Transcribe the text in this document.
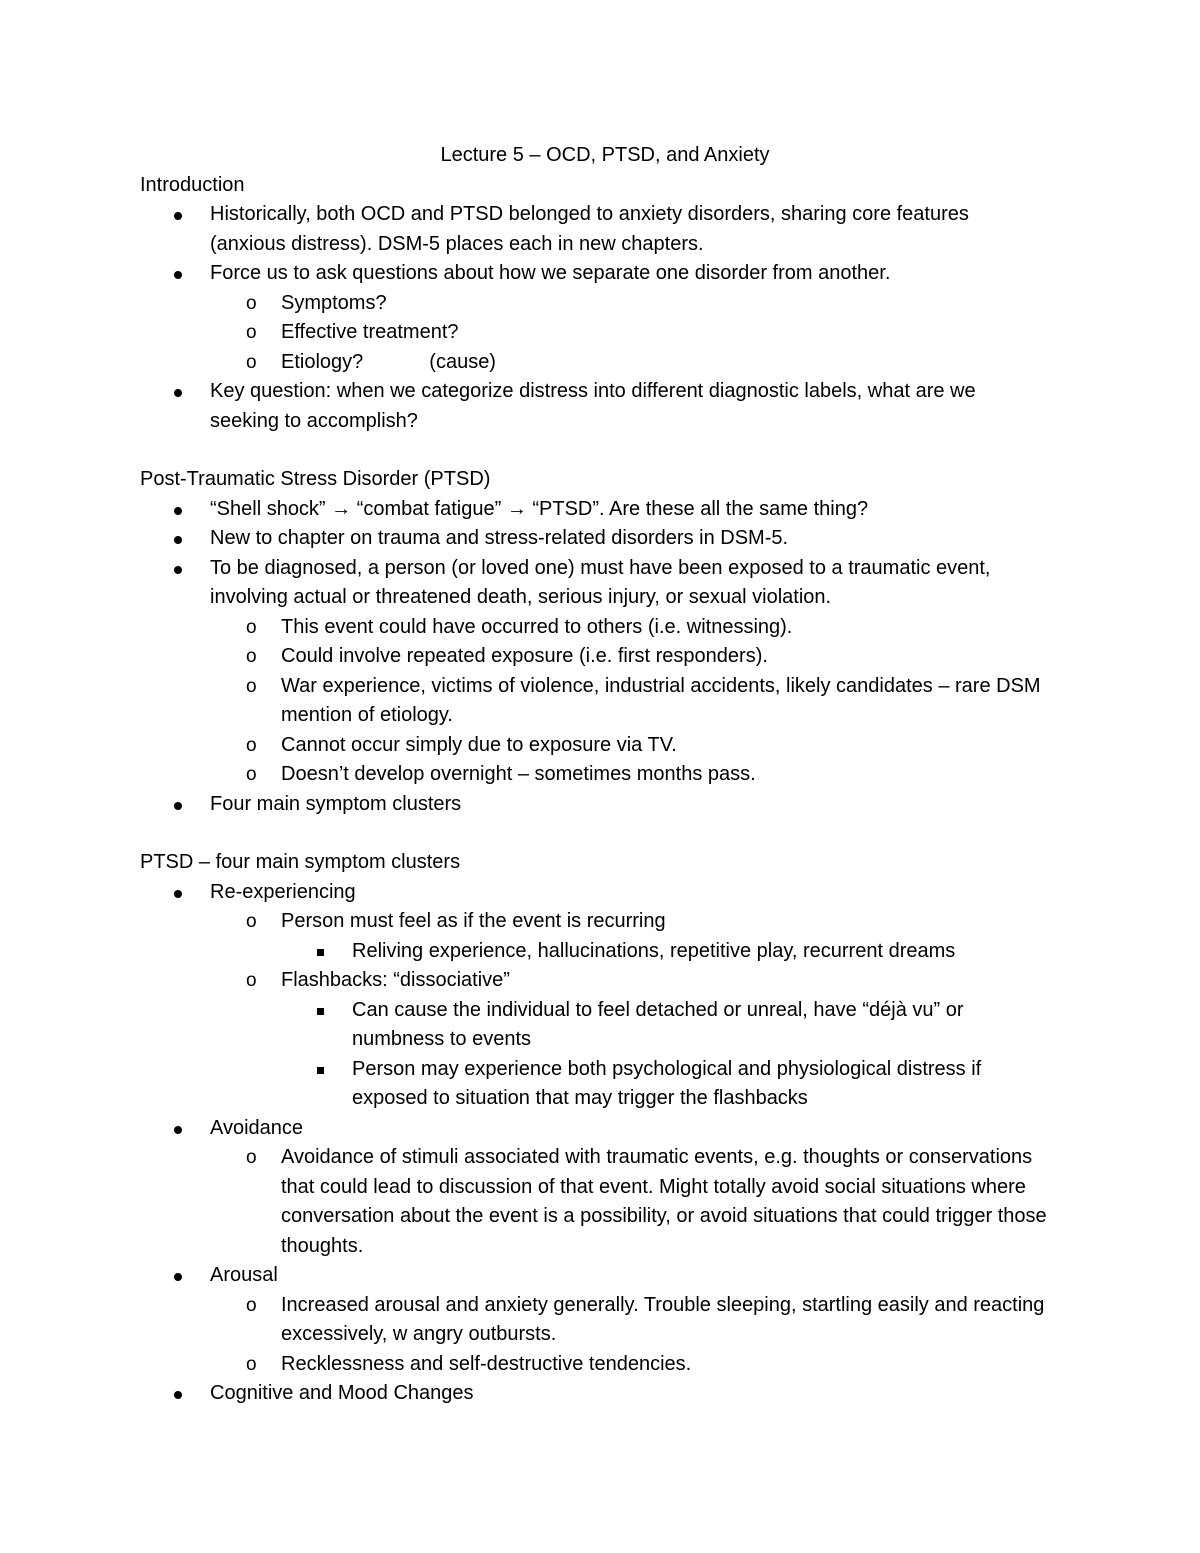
Lecture 5 – OCD, PTSD, and Anxiety
Introduction
Historically, both OCD and PTSD belonged to anxiety disorders, sharing core features (anxious distress). DSM-5 places each in new chapters.
Force us to ask questions about how we separate one disorder from another.
o Symptoms?
o Effective treatment?
o Etiology?	(cause)
Key question: when we categorize distress into different diagnostic labels, what are we seeking to accomplish?
Post-Traumatic Stress Disorder (PTSD)
“Shell shock” → “combat fatigue” → “PTSD”. Are these all the same thing?
New to chapter on trauma and stress-related disorders in DSM-5.
To be diagnosed, a person (or loved one) must have been exposed to a traumatic event, involving actual or threatened death, serious injury, or sexual violation.
o This event could have occurred to others (i.e. witnessing).
o Could involve repeated exposure (i.e. first responders).
o War experience, victims of violence, industrial accidents, likely candidates – rare DSM mention of etiology.
o Cannot occur simply due to exposure via TV.
o Doesn’t develop overnight – sometimes months pass.
Four main symptom clusters
PTSD – four main symptom clusters
Re-experiencing
o Person must feel as if the event is recurring
Reliving experience, hallucinations, repetitive play, recurrent dreams
o Flashbacks: “dissociative”
Can cause the individual to feel detached or unreal, have “déjà vu” or numbness to events
Person may experience both psychological and physiological distress if exposed to situation that may trigger the flashbacks
Avoidance
o Avoidance of stimuli associated with traumatic events, e.g. thoughts or conservations that could lead to discussion of that event. Might totally avoid social situations where conversation about the event is a possibility, or avoid situations that could trigger those thoughts.
Arousal
o Increased arousal and anxiety generally. Trouble sleeping, startling easily and reacting excessively, w angry outbursts.
o Recklessness and self-destructive tendencies.
Cognitive and Mood Changes
